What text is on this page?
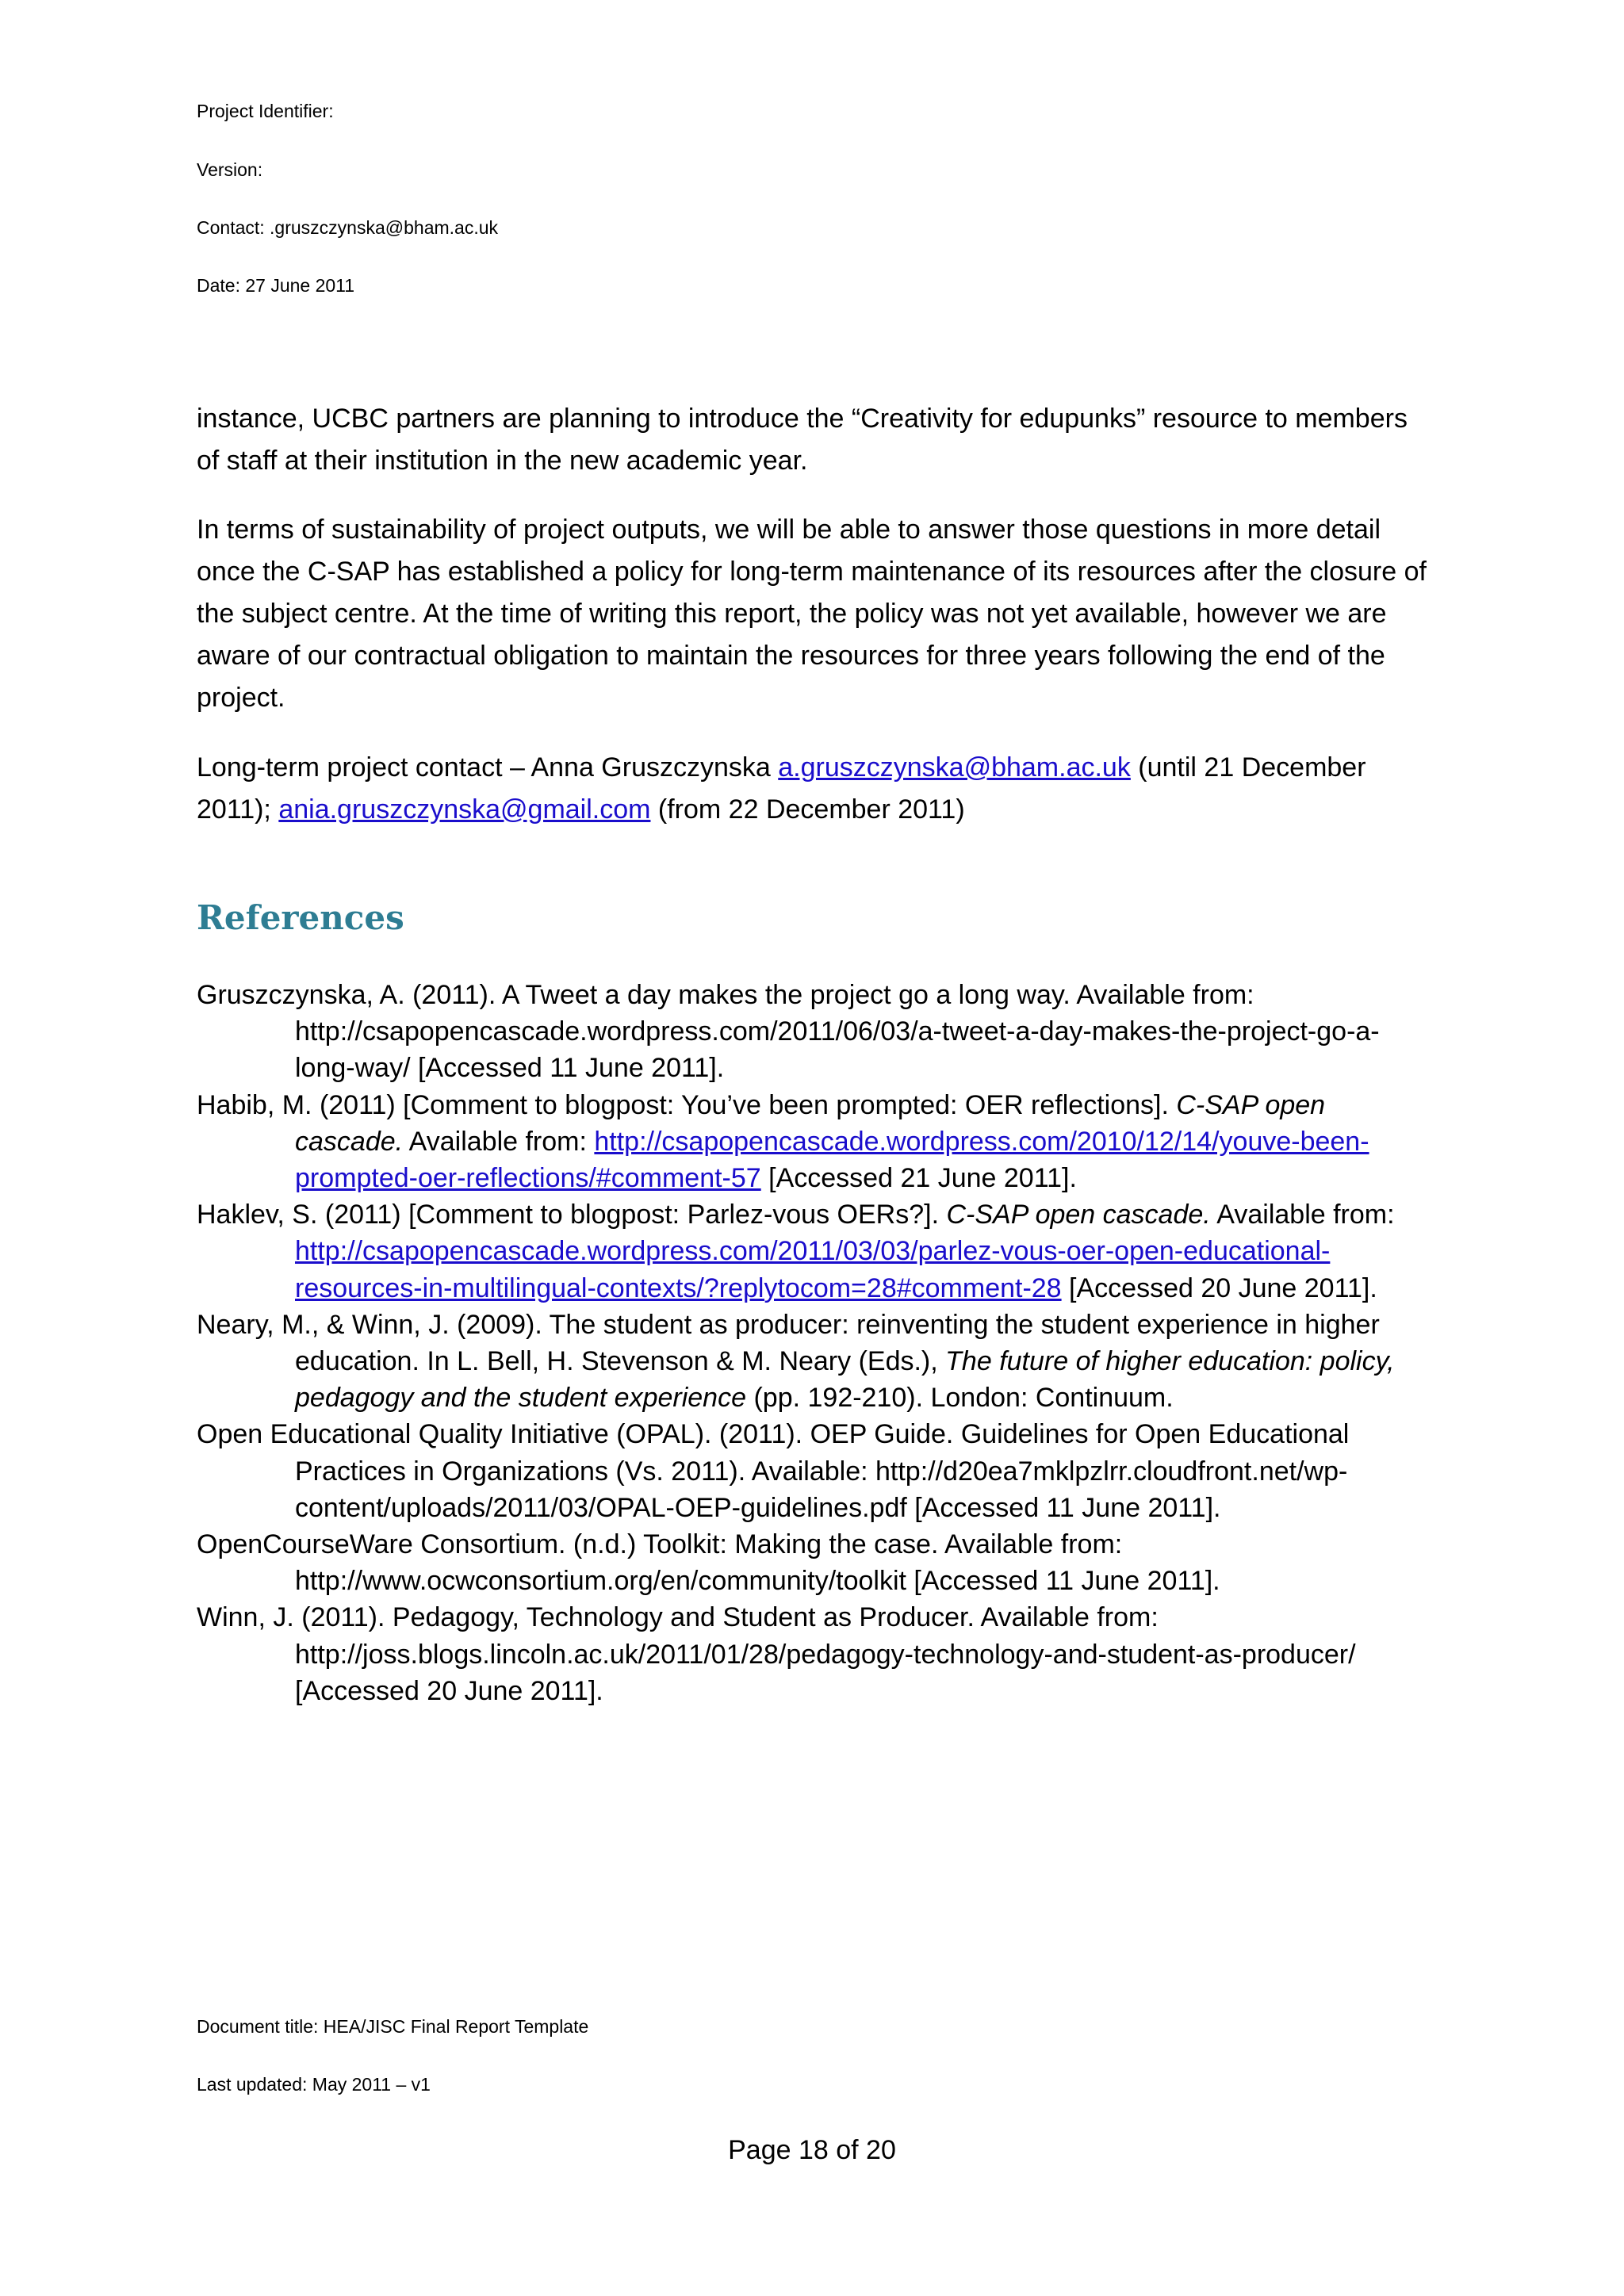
Project Identifier:
Version:
Contact: .gruszczynska@bham.ac.uk
Date: 27 June 2011

instance, UCBC partners are planning to introduce the “Creativity for edupunks” resource to members of staff at their institution in the new academic year.

In terms of sustainability of project outputs, we will be able to answer those questions in more detail once the C-SAP has established a policy for long-term maintenance of its resources after the closure of the subject centre. At the time of writing this report, the policy was not yet available, however we are aware of our contractual obligation to maintain the resources for three years following the end of the project.

Long-term project contact – Anna Gruszczynska a.gruszczynska@bham.ac.uk (until 21 December 2011); ania.gruszczynska@gmail.com (from 22 December 2011)

References

Gruszczynska, A. (2011). A Tweet a day makes the project go a long way. Available from: http://csapopencascade.wordpress.com/2011/06/03/a-tweet-a-day-makes-the-project-go-a-long-way/ [Accessed 11 June 2011].

Habib, M. (2011) [Comment to blogpost: You’ve been prompted: OER reflections]. C-SAP open cascade. Available from: http://csapopencascade.wordpress.com/2010/12/14/youve-been-prompted-oer-reflections/#comment-57 [Accessed 21 June 2011].

Haklev, S. (2011) [Comment to blogpost: Parlez-vous OERs?]. C-SAP open cascade. Available from: http://csapopencascade.wordpress.com/2011/03/03/parlez-vous-oer-open-educational-resources-in-multilingual-contexts/?replytocom=28#comment-28 [Accessed 20 June 2011].

Neary, M., & Winn, J. (2009). The student as producer: reinventing the student experience in higher education. In L. Bell, H. Stevenson & M. Neary (Eds.), The future of higher education: policy, pedagogy and the student experience (pp. 192-210). London: Continuum.

Open Educational Quality Initiative (OPAL). (2011). OEP Guide. Guidelines for Open Educational Practices in Organizations (Vs. 2011). Available: http://d20ea7mklpzlrr.cloudfront.net/wp-content/uploads/2011/03/OPAL-OEP-guidelines.pdf [Accessed 11 June 2011].

OpenCourseWare Consortium. (n.d.) Toolkit: Making the case. Available from: http://www.ocwconsortium.org/en/community/toolkit [Accessed 11 June 2011].

Winn, J. (2011). Pedagogy, Technology and Student as Producer. Available from: http://joss.blogs.lincoln.ac.uk/2011/01/28/pedagogy-technology-and-student-as-producer/ [Accessed 20 June 2011].

Document title: HEA/JISC Final Report Template
Last updated: May 2011 – v1
Page 18 of 20
